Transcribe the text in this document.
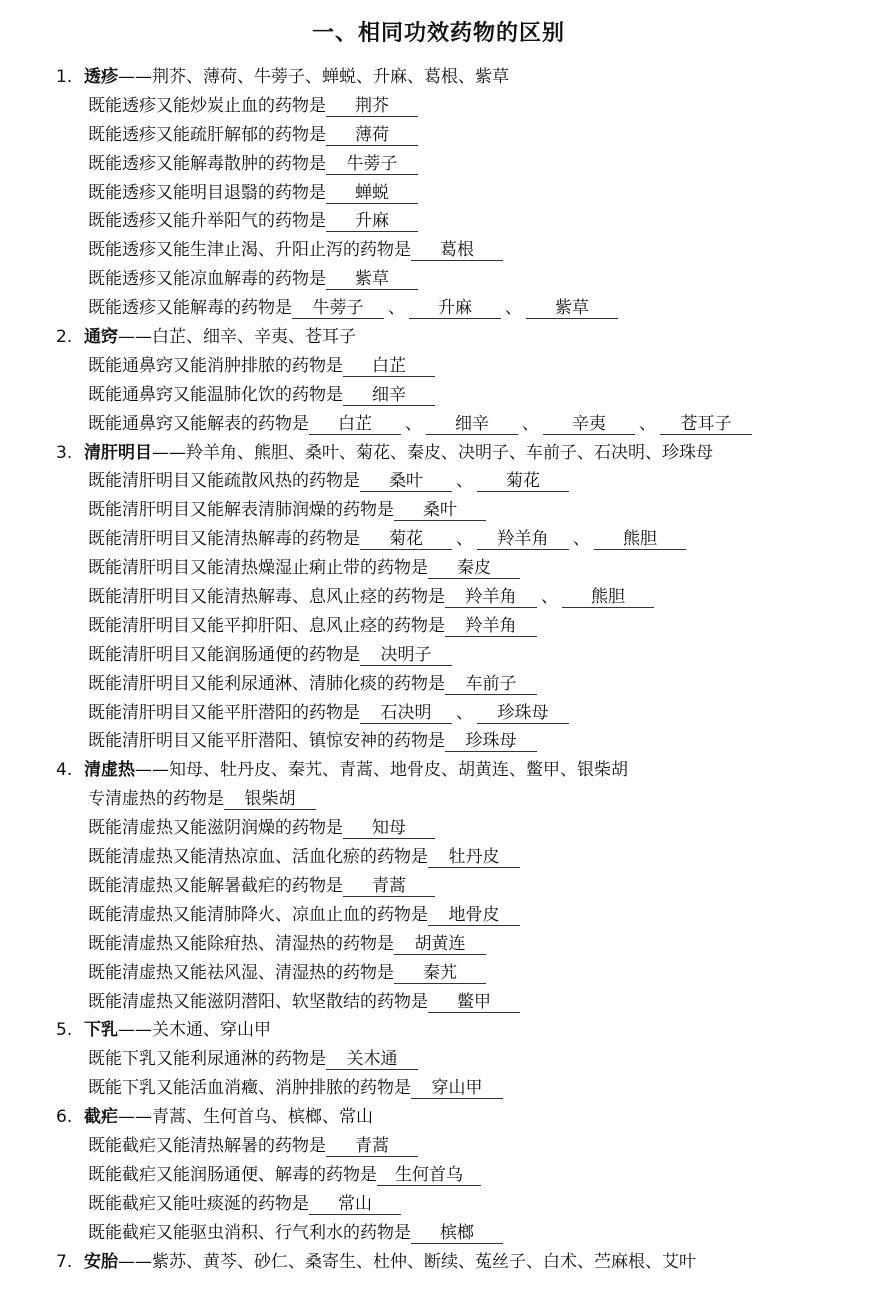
一、相同功效药物的区别
1. 透疹——荆芥、薄荷、牛蒡子、蝉蜕、升麻、葛根、紫草
既能透疹又能炒炭止血的药物是 荆芥
既能透疹又能疏肝解郁的药物是 薄荷
既能透疹又能解毒散肿的药物是 牛蒡子
既能透疹又能明目退翳的药物是 蝉蜕
既能透疹又能升举阳气的药物是 升麻
既能透疹又能生津止渴、升阳止泻的药物是 葛根
既能透疹又能凉血解毒的药物是 紫草
既能透疹又能解毒的药物是 牛蒡子 、 升麻 、 紫草
2. 通窍——白芷、细辛、辛夷、苍耳子
既能通鼻窍又能消肿排脓的药物是 白芷
既能通鼻窍又能温肺化饮的药物是 细辛
既能通鼻窍又能解表的药物是 白芷 、 细辛 、 辛夷 、 苍耳子
3. 清肝明目——羚羊角、熊胆、桑叶、菊花、秦皮、决明子、车前子、石决明、珍珠母
既能清肝明目又能疏散风热的药物是 桑叶 、 菊花
既能清肝明目又能解表清肺润燥的药物是 桑叶
既能清肝明目又能清热解毒的药物是 菊花 、 羚羊角 、 熊胆
既能清肝明目又能清热燥湿止痢止带的药物是 秦皮
既能清肝明目又能清热解毒、息风止痉的药物是 羚羊角 、 熊胆
既能清肝明目又能平抑肝阳、息风止痉的药物是 羚羊角
既能清肝明目又能润肠通便的药物是 决明子
既能清肝明目又能利尿通淋、清肺化痰的药物是 车前子
既能清肝明目又能平肝潜阳的药物是 石决明 、 珍珠母
既能清肝明目又能平肝潜阳、镇惊安神的药物是 珍珠母
4. 清虚热——知母、牡丹皮、秦艽、青蒿、地骨皮、胡黄连、鳖甲、银柴胡
专清虚热的药物是 银柴胡
既能清虚热又能滋阴润燥的药物是 知母
既能清虚热又能清热凉血、活血化瘀的药物是 牡丹皮
既能清虚热又能解暑截疟的药物是 青蒿
既能清虚热又能清肺降火、凉血止血的药物是 地骨皮
既能清虚热又能除疳热、清湿热的药物是 胡黄连
既能清虚热又能祛风湿、清湿热的药物是 秦艽
既能清虚热又能滋阴潜阳、软坚散结的药物是 鳖甲
5. 下乳——关木通、穿山甲
既能下乳又能利尿通淋的药物是 关木通
既能下乳又能活血消癥、消肿排脓的药物是 穿山甲
6. 截疟——青蒿、生何首乌、槟榔、常山
既能截疟又能清热解暑的药物是 青蒿
既能截疟又能润肠通便、解毒的药物是 生何首乌
既能截疟又能吐痰涎的药物是 常山
既能截疟又能驱虫消积、行气利水的药物是 槟榔
7. 安胎——紫苏、黄芩、砂仁、桑寄生、杜仲、断续、菟丝子、白术、苎麻根、艾叶
